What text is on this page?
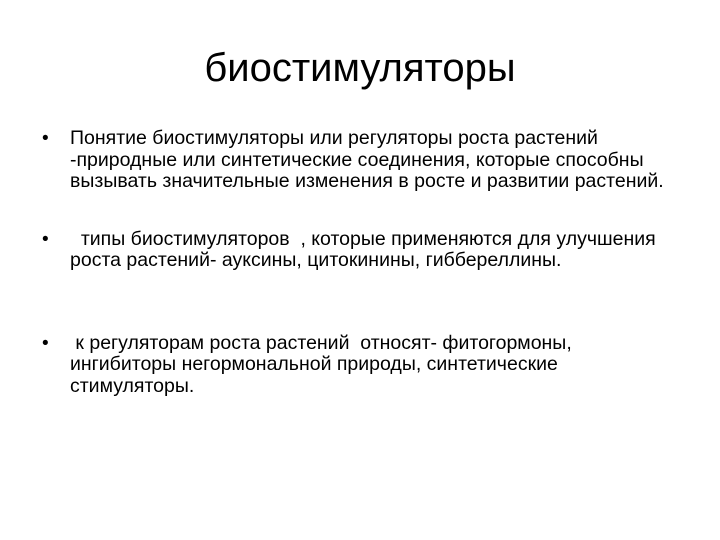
биостимуляторы
• Понятие биостимуляторы или регуляторы роста растений -природные или синтетические соединения, которые способны вызывать значительные изменения в росте и развитии растений.
• типы биостимуляторов  , которые применяются для улучшения роста растений- ауксины, цитокинины, гиббереллины.
• к регуляторам роста растений  относят- фитогормоны, ингибиторы негормональной природы, синтетические стимуляторы.
